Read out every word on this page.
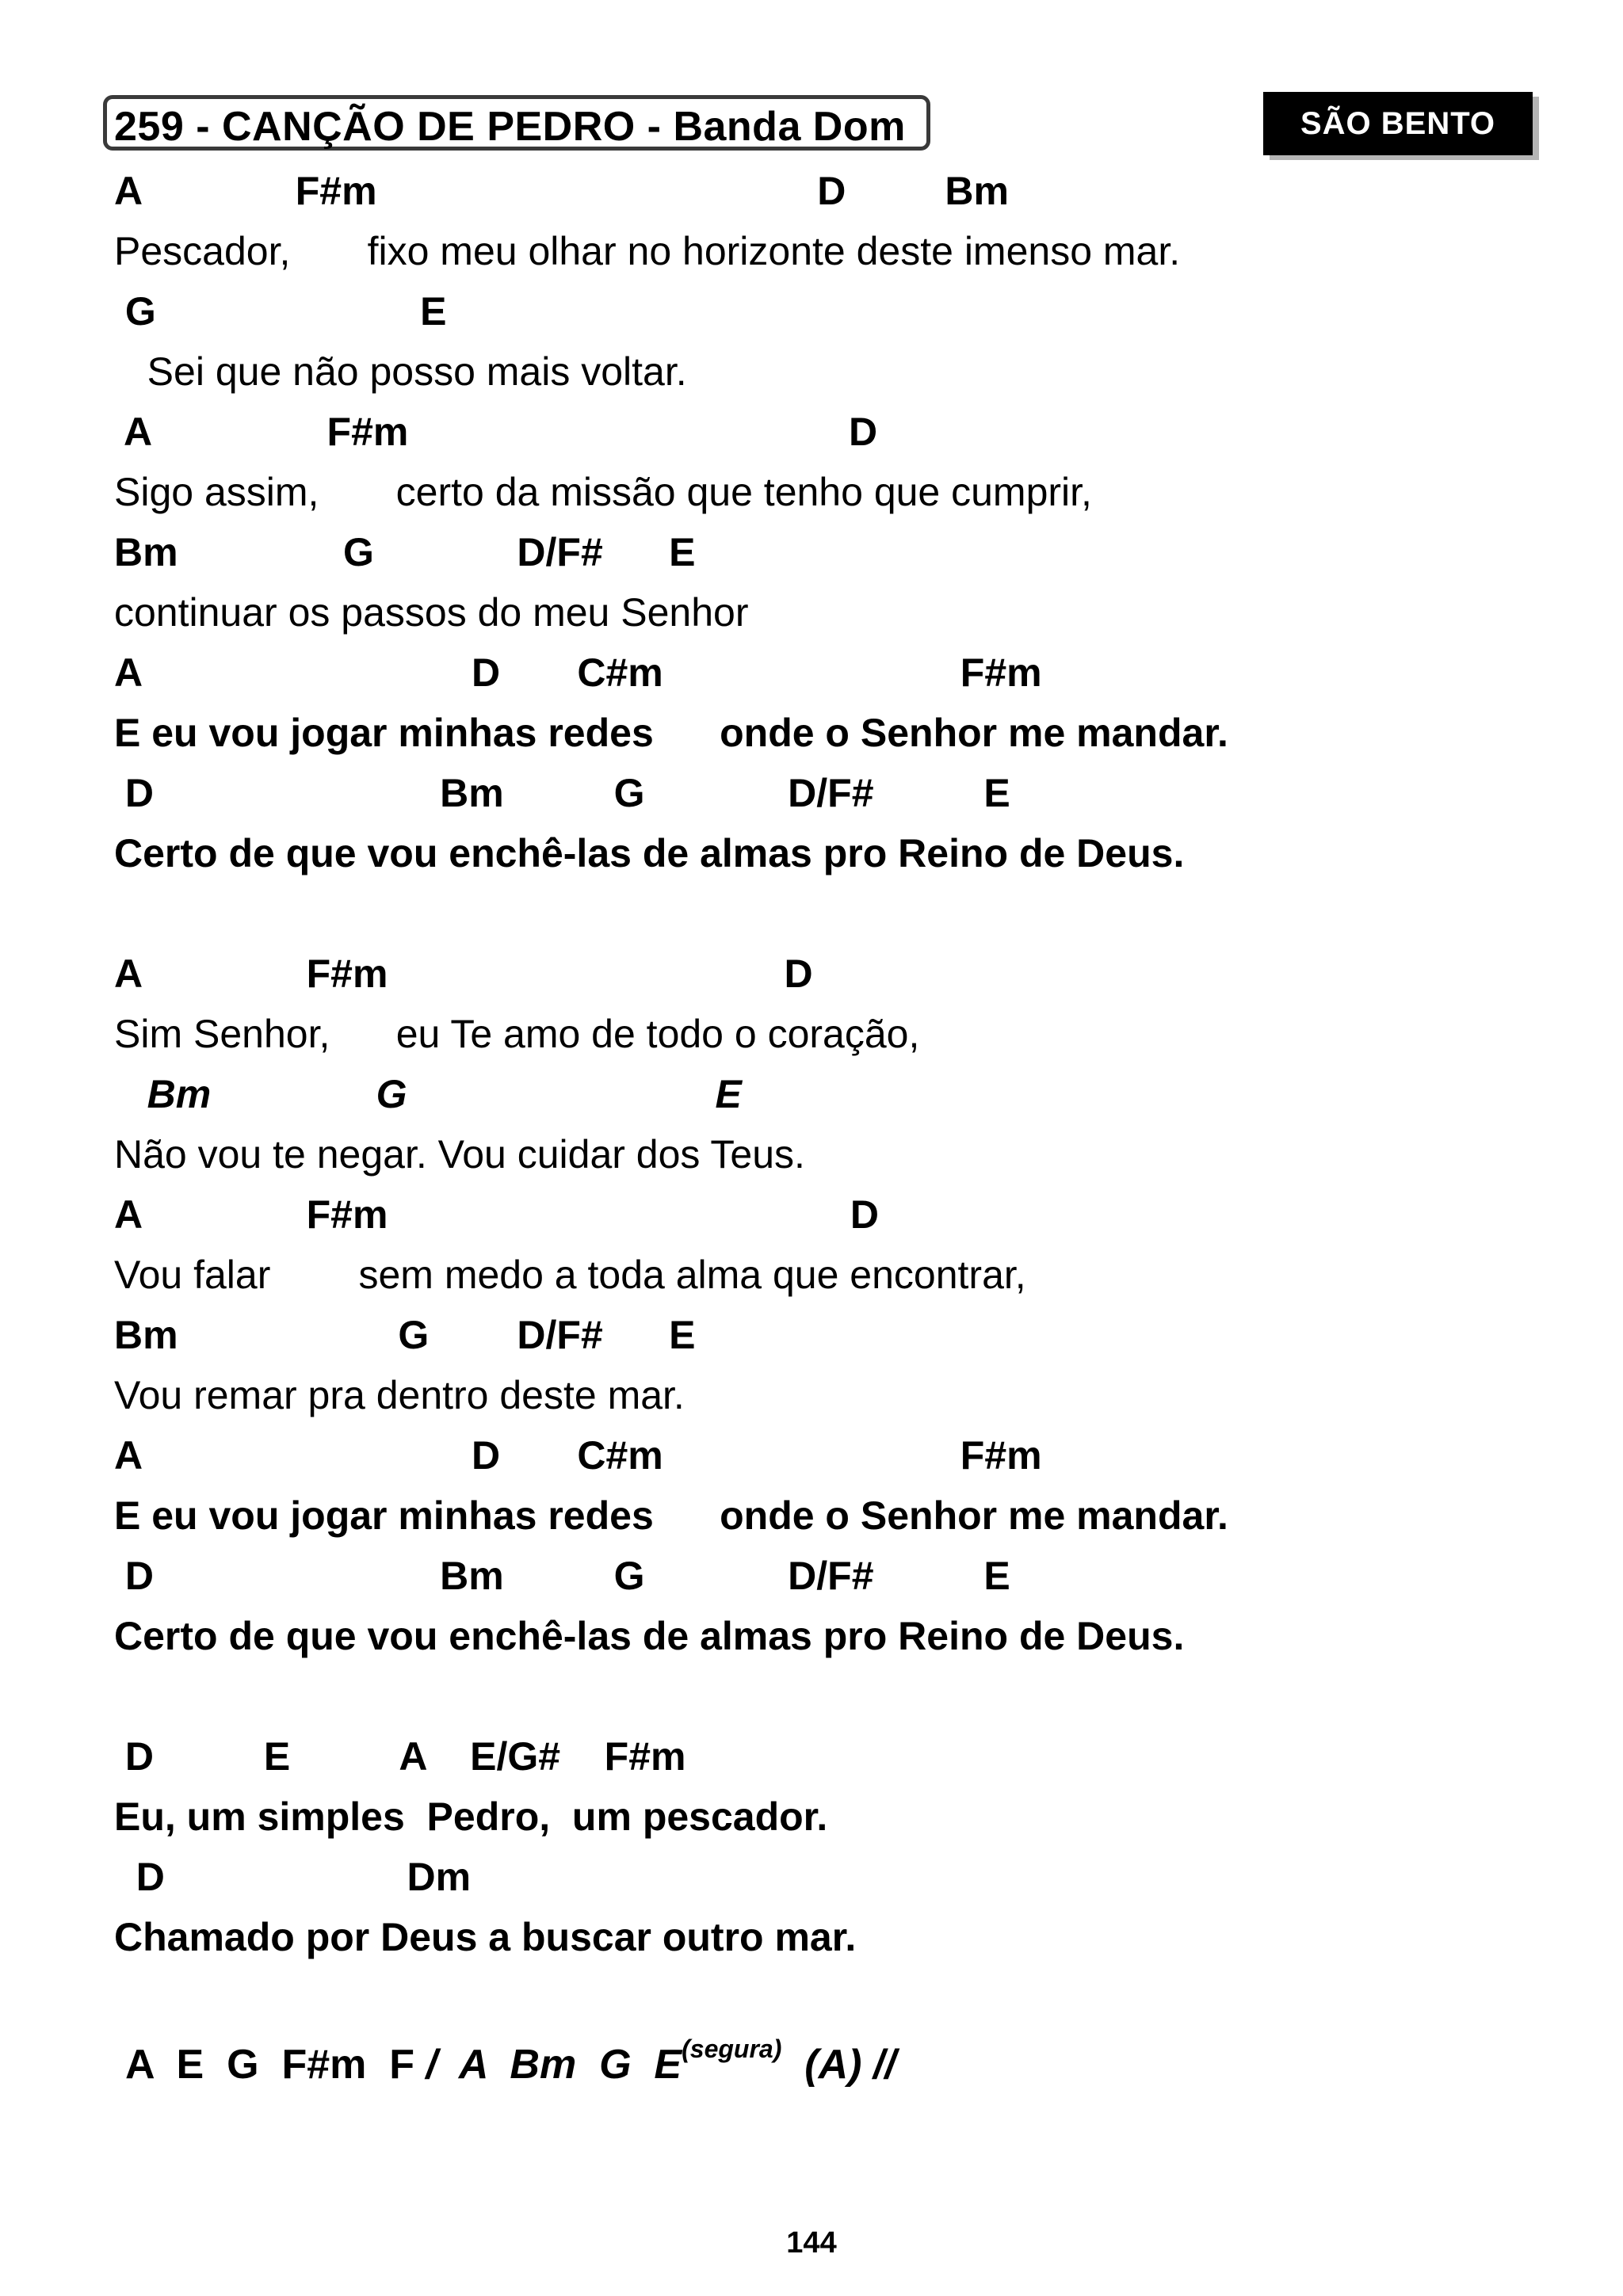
259 - CANÇÃO DE PEDRO - Banda Dom	SÃO BENTO
A              F#m                                        D         Bm
Pescador,       fixo meu olhar no horizonte deste imenso mar.
G                        E
Sei que não posso mais voltar.
A                F#m                                        D
Sigo assim,       certo da missão que tenho que cumprir,
Bm               G             D/F#      E
continuar os passos do meu Senhor
A                              D       C#m                           F#m
E eu vou jogar minhas redes      onde o Senhor me mandar.
D                          Bm          G             D/F#          E
Certo de que vou enchê-las de almas pro Reino de Deus.
A               F#m                                    D
Sim Senhor,      eu Te amo de todo o coração,
Bm               G                            E
Não vou te negar. Vou cuidar dos Teus.
A               F#m                                          D
Vou falar        sem medo a toda alma que encontrar,
Bm                    G        D/F#      E
Vou remar pra dentro deste mar.
A                              D       C#m                           F#m
E eu vou jogar minhas redes      onde o Senhor me mandar.
D                          Bm          G             D/F#          E
Certo de que vou enchê-las de almas pro Reino de Deus.
D          E          A    E/G#    F#m
Eu, um simples  Pedro,  um pescador.
D                      Dm
Chamado por Deus a buscar outro mar.
A  E  G  F#m  F /  A  Bm  G  $E^{(segura)}$  (A) //
144
